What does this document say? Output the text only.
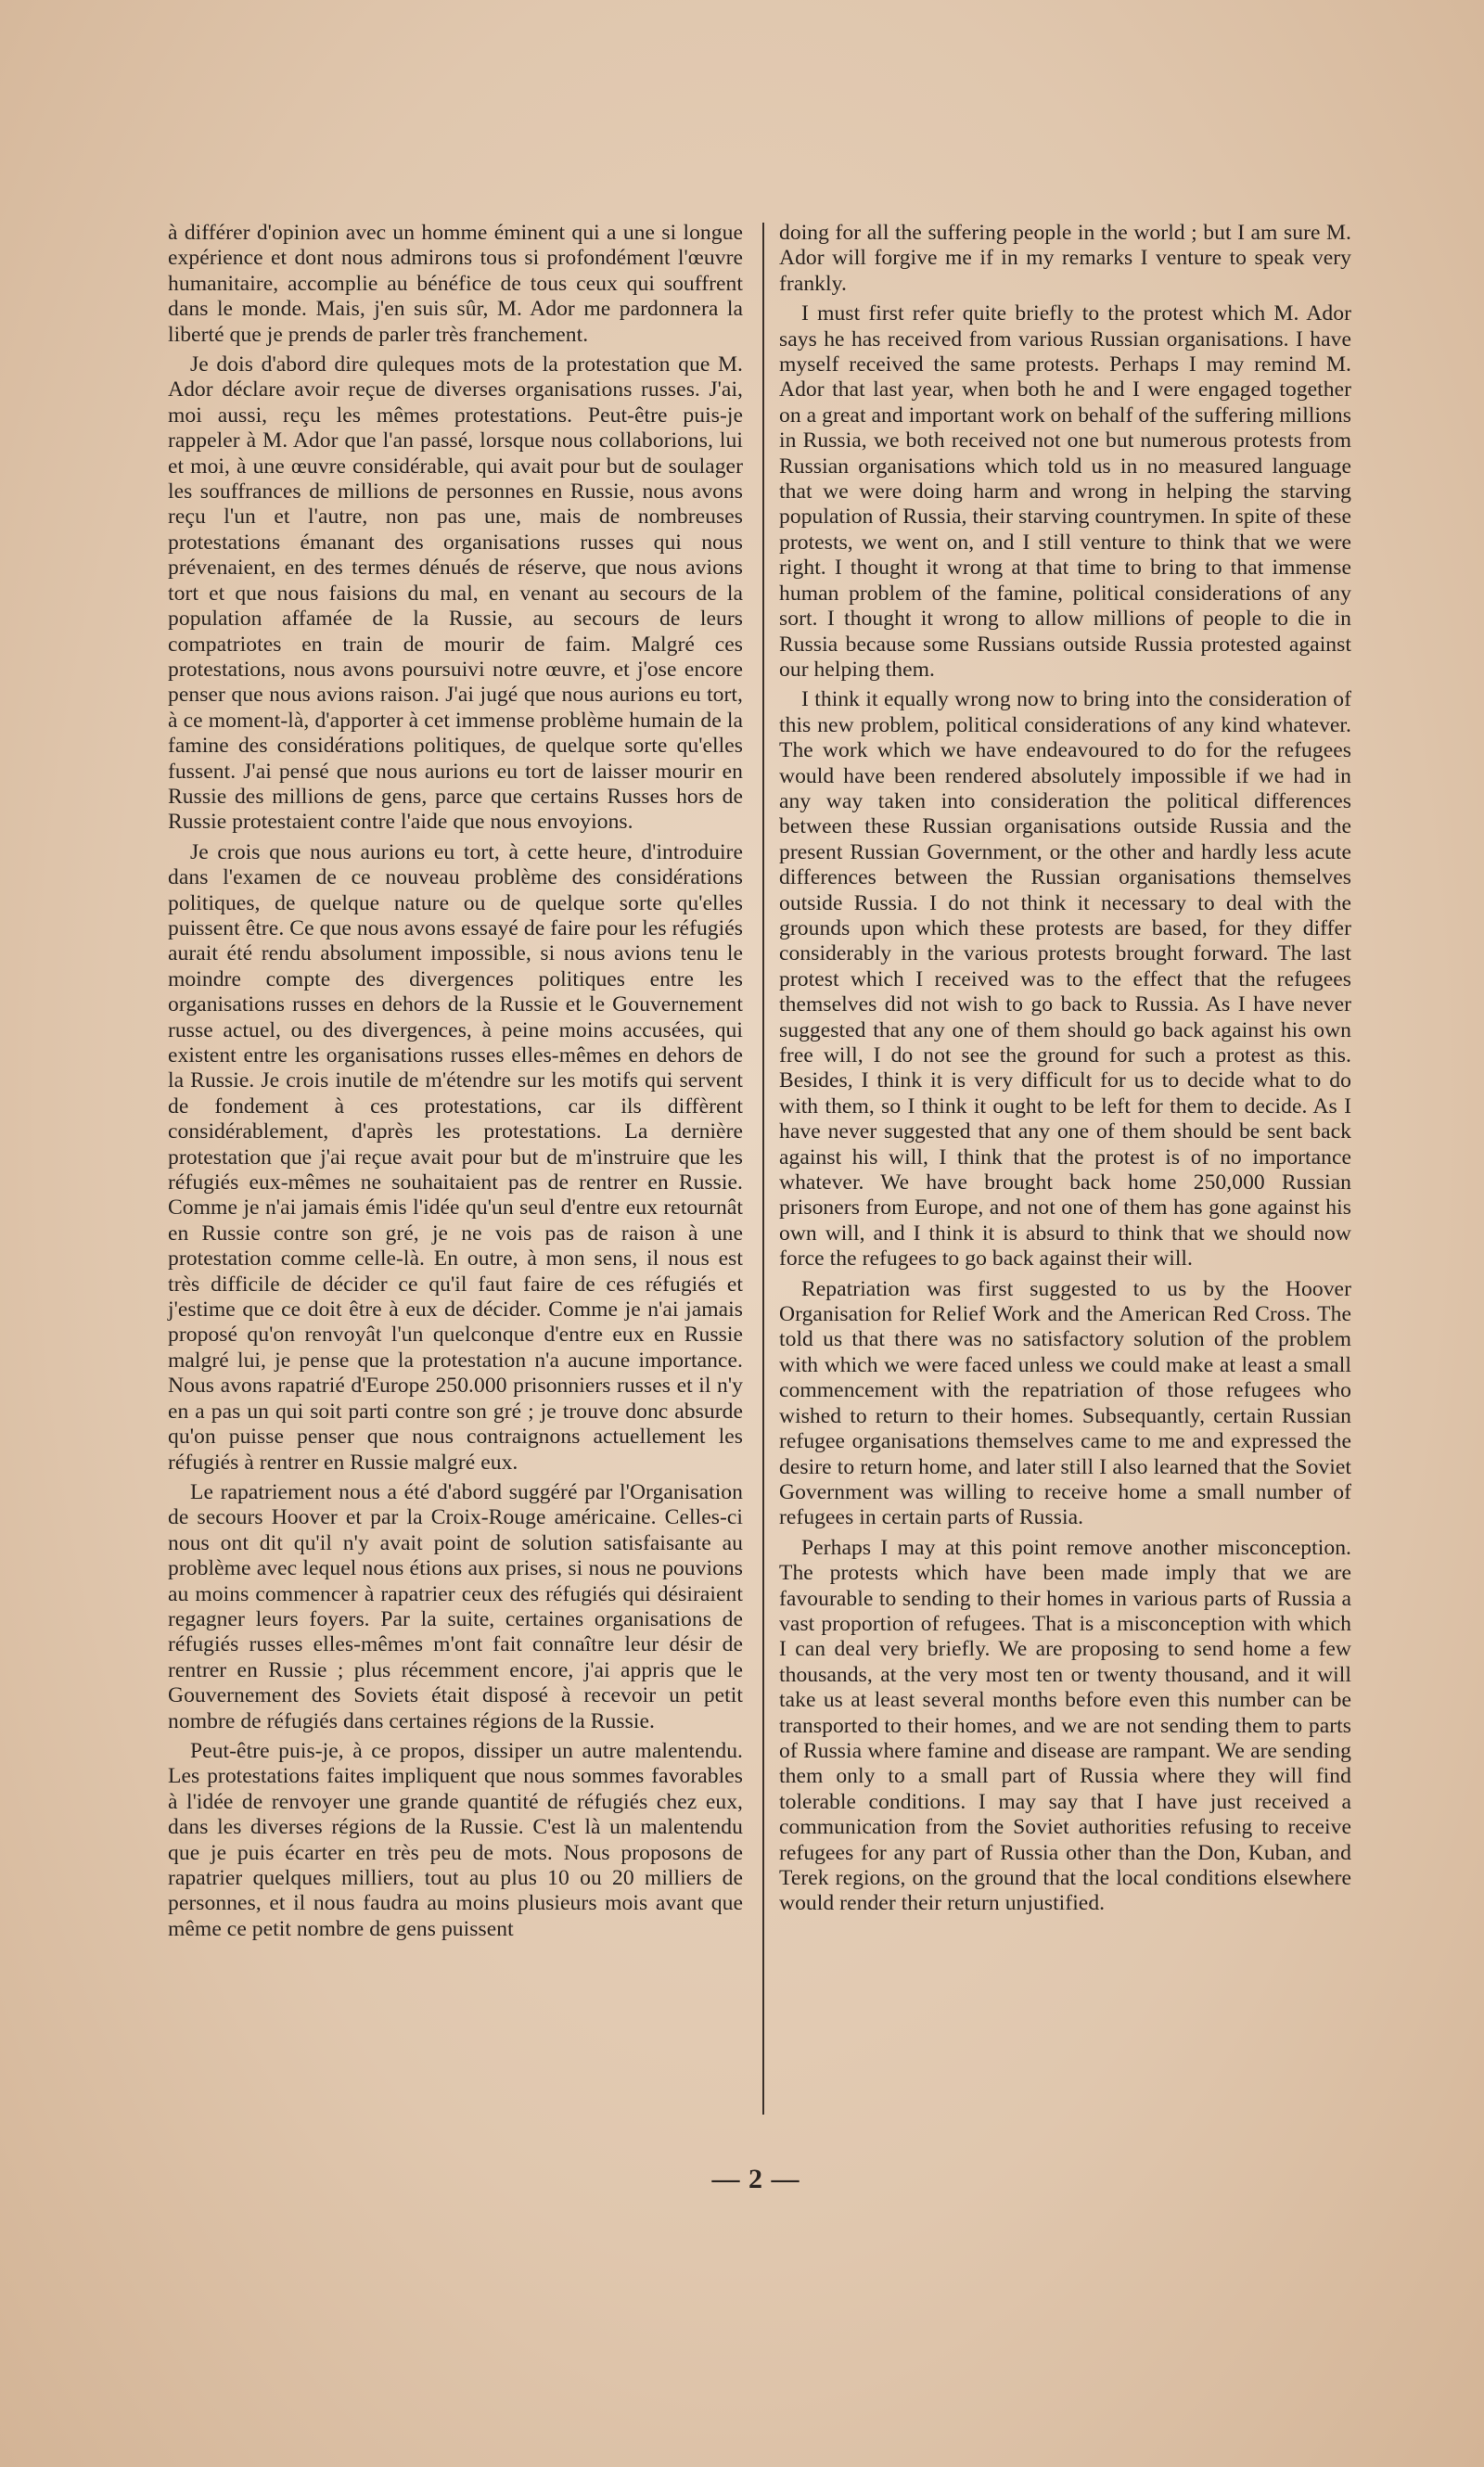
à différer d'opinion avec un homme éminent qui a une si longue expérience et dont nous admirons tous si profondément l'œuvre humanitaire, accomplie au bénéfice de tous ceux qui souffrent dans le monde. Mais, j'en suis sûr, M. Ador me pardonnera la liberté que je prends de parler très franchement.

Je dois d'abord dire quleques mots de la protestation que M. Ador déclare avoir reçue de diverses organisations russes. J'ai, moi aussi, reçu les mêmes protestations. Peut-être puis-je rappeler à M. Ador que l'an passé, lorsque nous collaborions, lui et moi, à une œuvre considérable, qui avait pour but de soulager les souffrances de millions de personnes en Russie, nous avons reçu l'un et l'autre, non pas une, mais de nombreuses protestations émanant des organisations russes qui nous prévenaient, en des termes dénués de réserve, que nous avions tort et que nous faisions du mal, en venant au secours de la population affamée de la Russie, au secours de leurs compatriotes en train de mourir de faim. Malgré ces protestations, nous avons poursuivi notre œuvre, et j'ose encore penser que nous avions raison. J'ai jugé que nous aurions eu tort, à ce moment-là, d'apporter à cet immense problème humain de la famine des considérations politiques, de quelque sorte qu'elles fussent. J'ai pensé que nous aurions eu tort de laisser mourir en Russie des millions de gens, parce que certains Russes hors de Russie protestaient contre l'aide que nous envoyions.

Je crois que nous aurions eu tort, à cette heure, d'introduire dans l'examen de ce nouveau problème des considérations politiques, de quelque nature ou de quelque sorte qu'elles puissent être. Ce que nous avons essayé de faire pour les réfugiés aurait été rendu absolument impossible, si nous avions tenu le moindre compte des divergences politiques entre les organisations russes en dehors de la Russie et le Gouvernement russe actuel, ou des divergences, à peine moins accusées, qui existent entre les organisations russes elles-mêmes en dehors de la Russie. Je crois inutile de m'étendre sur les motifs qui servent de fondement à ces protestations, car ils diffèrent considérablement, d'après les protestations. La dernière protestation que j'ai reçue avait pour but de m'instruire que les réfugiés eux-mêmes ne souhaitaient pas de rentrer en Russie. Comme je n'ai jamais émis l'idée qu'un seul d'entre eux retournât en Russie contre son gré, je ne vois pas de raison à une protestation comme celle-là. En outre, à mon sens, il nous est très difficile de décider ce qu'il faut faire de ces réfugiés et j'estime que ce doit être à eux de décider. Comme je n'ai jamais proposé qu'on renvoyât l'un quelconque d'entre eux en Russie malgré lui, je pense que la protestation n'a aucune importance. Nous avons rapatrié d'Europe 250.000 prisonniers russes et il n'y en a pas un qui soit parti contre son gré ; je trouve donc absurde qu'on puisse penser que nous contraignons actuellement les réfugiés à rentrer en Russie malgré eux.

Le rapatriement nous a été d'abord suggéré par l'Organisation de secours Hoover et par la Croix-Rouge américaine. Celles-ci nous ont dit qu'il n'y avait point de solution satisfaisante au problème avec lequel nous étions aux prises, si nous ne pouvions au moins commencer à rapatrier ceux des réfugiés qui désiraient regagner leurs foyers. Par la suite, certaines organisations de réfugiés russes elles-mêmes m'ont fait connaître leur désir de rentrer en Russie ; plus récemment encore, j'ai appris que le Gouvernement des Soviets était disposé à recevoir un petit nombre de réfugiés dans certaines régions de la Russie.

Peut-être puis-je, à ce propos, dissiper un autre malentendu. Les protestations faites impliquent que nous sommes favorables à l'idée de renvoyer une grande quantité de réfugiés chez eux, dans les diverses régions de la Russie. C'est là un malentendu que je puis écarter en très peu de mots. Nous proposons de rapatrier quelques milliers, tout au plus 10 ou 20 milliers de personnes, et il nous faudra au moins plusieurs mois avant que même ce petit nombre de gens puissent

doing for all the suffering people in the world ; but I am sure M. Ador will forgive me if in my remarks I venture to speak very frankly.

I must first refer quite briefly to the protest which M. Ador says he has received from various Russian organisations. I have myself received the same protests. Perhaps I may remind M. Ador that last year, when both he and I were engaged together on a great and important work on behalf of the suffering millions in Russia, we both received not one but numerous protests from Russian organisations which told us in no measured language that we were doing harm and wrong in helping the starving population of Russia, their starving countrymen. In spite of these protests, we went on, and I still venture to think that we were right. I thought it wrong at that time to bring to that immense human problem of the famine, political considerations of any sort. I thought it wrong to allow millions of people to die in Russia because some Russians outside Russia protested against our helping them.

I think it equally wrong now to bring into the consideration of this new problem, political considerations of any kind whatever. The work which we have endeavoured to do for the refugees would have been rendered absolutely impossible if we had in any way taken into consideration the political differences between these Russian organisations outside Russia and the present Russian Government, or the other and hardly less acute differences between the Russian organisations themselves outside Russia. I do not think it necessary to deal with the grounds upon which these protests are based, for they differ considerably in the various protests brought forward. The last protest which I received was to the effect that the refugees themselves did not wish to go back to Russia. As I have never suggested that any one of them should go back against his own free will, I do not see the ground for such a protest as this. Besides, I think it is very difficult for us to decide what to do with them, so I think it ought to be left for them to decide. As I have never suggested that any one of them should be sent back against his will, I think that the protest is of no importance whatever. We have brought back home 250,000 Russian prisoners from Europe, and not one of them has gone against his own will, and I think it is absurd to think that we should now force the refugees to go back against their will.

Repatriation was first suggested to us by the Hoover Organisation for Relief Work and the American Red Cross. The told us that there was no satisfactory solution of the problem with which we were faced unless we could make at least a small commencement with the repatriation of those refugees who wished to return to their homes. Subsequantly, certain Russian refugee organisations themselves came to me and expressed the desire to return home, and later still I also learned that the Soviet Government was willing to receive home a small number of refugees in certain parts of Russia.

Perhaps I may at this point remove another misconception. The protests which have been made imply that we are favourable to sending to their homes in various parts of Russia a vast proportion of refugees. That is a misconception with which I can deal very briefly. We are proposing to send home a few thousands, at the very most ten or twenty thousand, and it will take us at least several months before even this number can be transported to their homes, and we are not sending them to parts of Russia where famine and disease are rampant. We are sending them only to a small part of Russia where they will find tolerable conditions. I may say that I have just received a communication from the Soviet authorities refusing to receive refugees for any part of Russia other than the Don, Kuban, and Terek regions, on the ground that the local conditions elsewhere would render their return unjustified.

— 2 —
